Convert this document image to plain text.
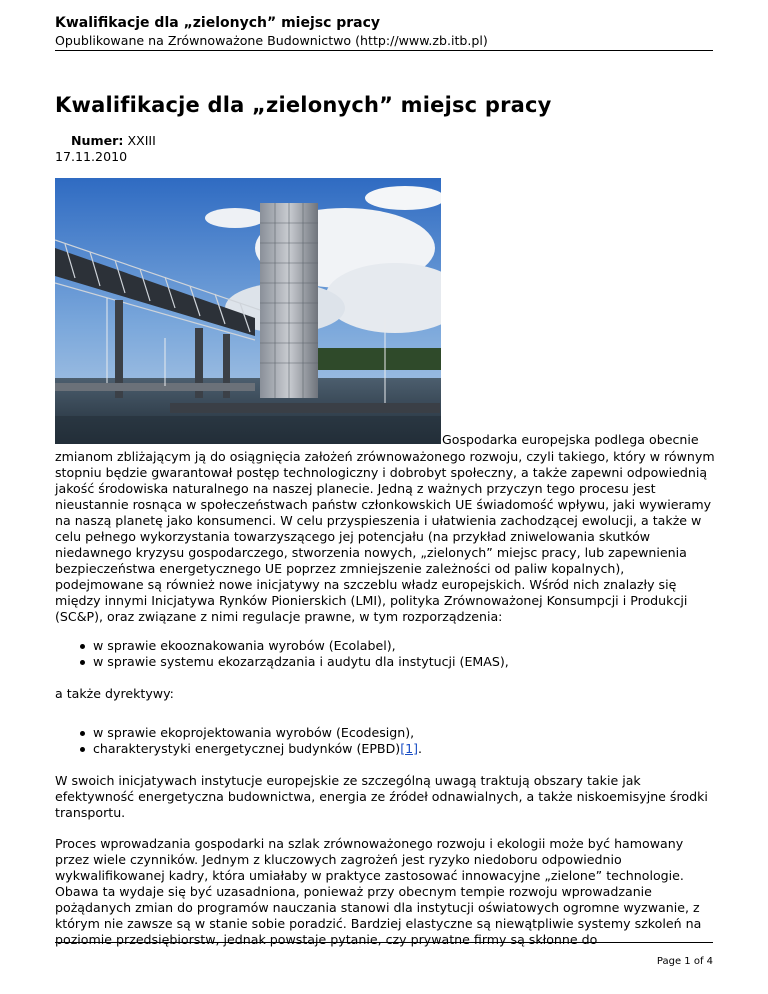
Kwalifikacje dla „zielonych” miejsc pracy
Opublikowane na Zrównoważone Budownictwo (http://www.zb.itb.pl)
Kwalifikacje dla „zielonych” miejsc pracy
Numer: XXIII
17.11.2010
Gospodarka europejska podlega obecnie

zmianom zbliżającym ją do osiągnięcia założeń zrównoważonego rozwoju, czyli takiego, który w równym stopniu będzie gwarantował postęp technologiczny i dobrobyt społeczny, a także zapewni odpowiednią jakość środowiska naturalnego na naszej planecie. Jedną z ważnych przyczyn tego procesu jest nieustannie rosnąca w społeczeństwach państw członkowskich UE świadomość wpływu, jaki wywieramy na naszą planetę jako konsumenci. W celu przyspieszenia i ułatwienia zachodzącej ewolucji, a także w celu pełnego wykorzystania towarzyszącego jej potencjału (na przykład zniwelowania skutków niedawnego kryzysu gospodarczego, stworzenia nowych, „zielonych” miejsc pracy, lub zapewnienia bezpieczeństwa energetycznego UE poprzez zmniejszenie zależności od paliw kopalnych), podejmowane są również nowe inicjatywy na szczeblu władz europejskich. Wśród nich znalazły się między innymi Inicjatywa Rynków Pionierskich (LMI), polityka Zrównoważonej Konsumpcji i Produkcji (SC&P), oraz związane z nimi regulacje prawne, w tym rozporządzenia:

w sprawie ekooznakowania wyrobów (Ecolabel),
w sprawie systemu ekozarządzania i audytu dla instytucji (EMAS),
a także dyrektywy:
w sprawie ekoprojektowania wyrobów (Ecodesign),
charakterystyki energetycznej budynków (EPBD)[1].

W swoich inicjatywach instytucje europejskie ze szczególną uwagą traktują obszary takie jak efektywność energetyczna budownictwa, energia ze źródeł odnawialnych, a także niskoemisyjne środki transportu.

Proces wprowadzania gospodarki na szlak zrównoważonego rozwoju i ekologii może być hamowany przez wiele czynników. Jednym z kluczowych zagrożeń jest ryzyko niedoboru odpowiednio wykwalifikowanej kadry, która umiałaby w praktyce zastosować innowacyjne „zielone” technologie. Obawa ta wydaje się być uzasadniona, ponieważ przy obecnym tempie rozwoju wprowadzanie pożądanych zmian do programów nauczania stanowi dla instytucji oświatowych ogromne wyzwanie, z którym nie zawsze są w stanie sobie poradzić. Bardziej elastyczne są niewątpliwie systemy szkoleń na poziomie przedsiębiorstw, jednak powstaje pytanie, czy prywatne firmy są skłonne do

Page 1 of 4
